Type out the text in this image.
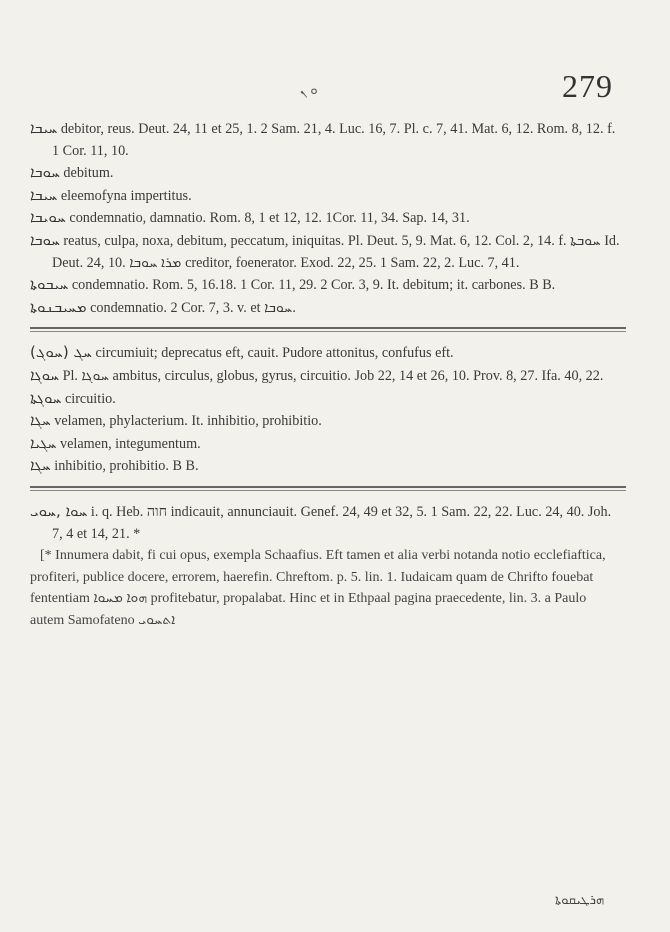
ܘ ܢ	279

ܚܝܒܐ debitor, reus. Deut. 24, 11 et 25, 1. 2 Sam. 21, 4. Luc. 16, 7. Pl. c. 7, 41. Mat. 6, 12. Rom. 8, 12. f. 1 Cor. 11, 10.

ܚܘܒܐ debitum.

ܚܝܒܐ eleemofyna impertitus.

ܚܘܝܒܐ condemnatio, damnatio. Rom. 8, 1 et 12, 12. 1Cor. 11, 34. Sap. 14, 31.

ܚܘܒܐ reatus, culpa, noxa, debitum, peccatum, iniquitas. Pl. Deut. 5, 9. Mat. 6, 12. Col. 2, 14. f. ܚܘܒܬܐ Id. Deut. 24, 10. ܡܪܐ ܚܘܒܐ creditor, foenerator. Exod. 22, 25. 1 Sam. 22, 2. Luc. 7, 41.

ܚܝܒܘܬܐ condemnatio. Rom. 5, 16.18. 1 Cor. 11, 29. 2 Cor. 3, 9. It. debitum; it. carbones. B B.

ܡܚܝܒܢܘܬܐ condemnatio. 2 Cor. 7, 3. v. et ܚܘܒܐ.

(ܚܘܓ) ܚܓ circumiuit; deprecatus eft, cauit. Pudore attonitus, confufus eft.

ܚܘܓܐ Pl. ܚܘܓܐ ambitus, circulus, globus, gyrus, circuitio. Job 22, 14 et 26, 10. Prov. 8, 27. Ifa. 40, 22.

ܚܘܓܬܐ circuitio.

ܚܓܐ velamen, phylacterium. It. inhibitio, prohibitio.

ܚܓܝܐ velamen, integumentum.

ܚܓܐ inhibitio, prohibitio. B B.

ܚܘܐ ,ܚܘܝ i. q. Heb. חוה indicauit, annunciauit. Genef. 24, 49 et 32, 5. 1 Sam. 22, 22. Luc. 24, 40. Joh. 7, 4 et 14, 21. *

[* Innumera dabit, fi cui opus, exempla Schaafius. Eft tamen et alia verbi notanda notio ecclefiaftica, profiteri, publice docere, errorem, haerefin. Chreftom. p. 5. lin. 1. Iudaicam quam de Chrifto fouebat fententiam ܗܘܐ ܡܚܘܐ profitebatur, propalabat. Hinc et in Ethpaal pagina praecedente, lin. 3. a Paulo autem Samofateno ܐܬܚܘܝ

ܗܪܛܝܩܘܬܐ
